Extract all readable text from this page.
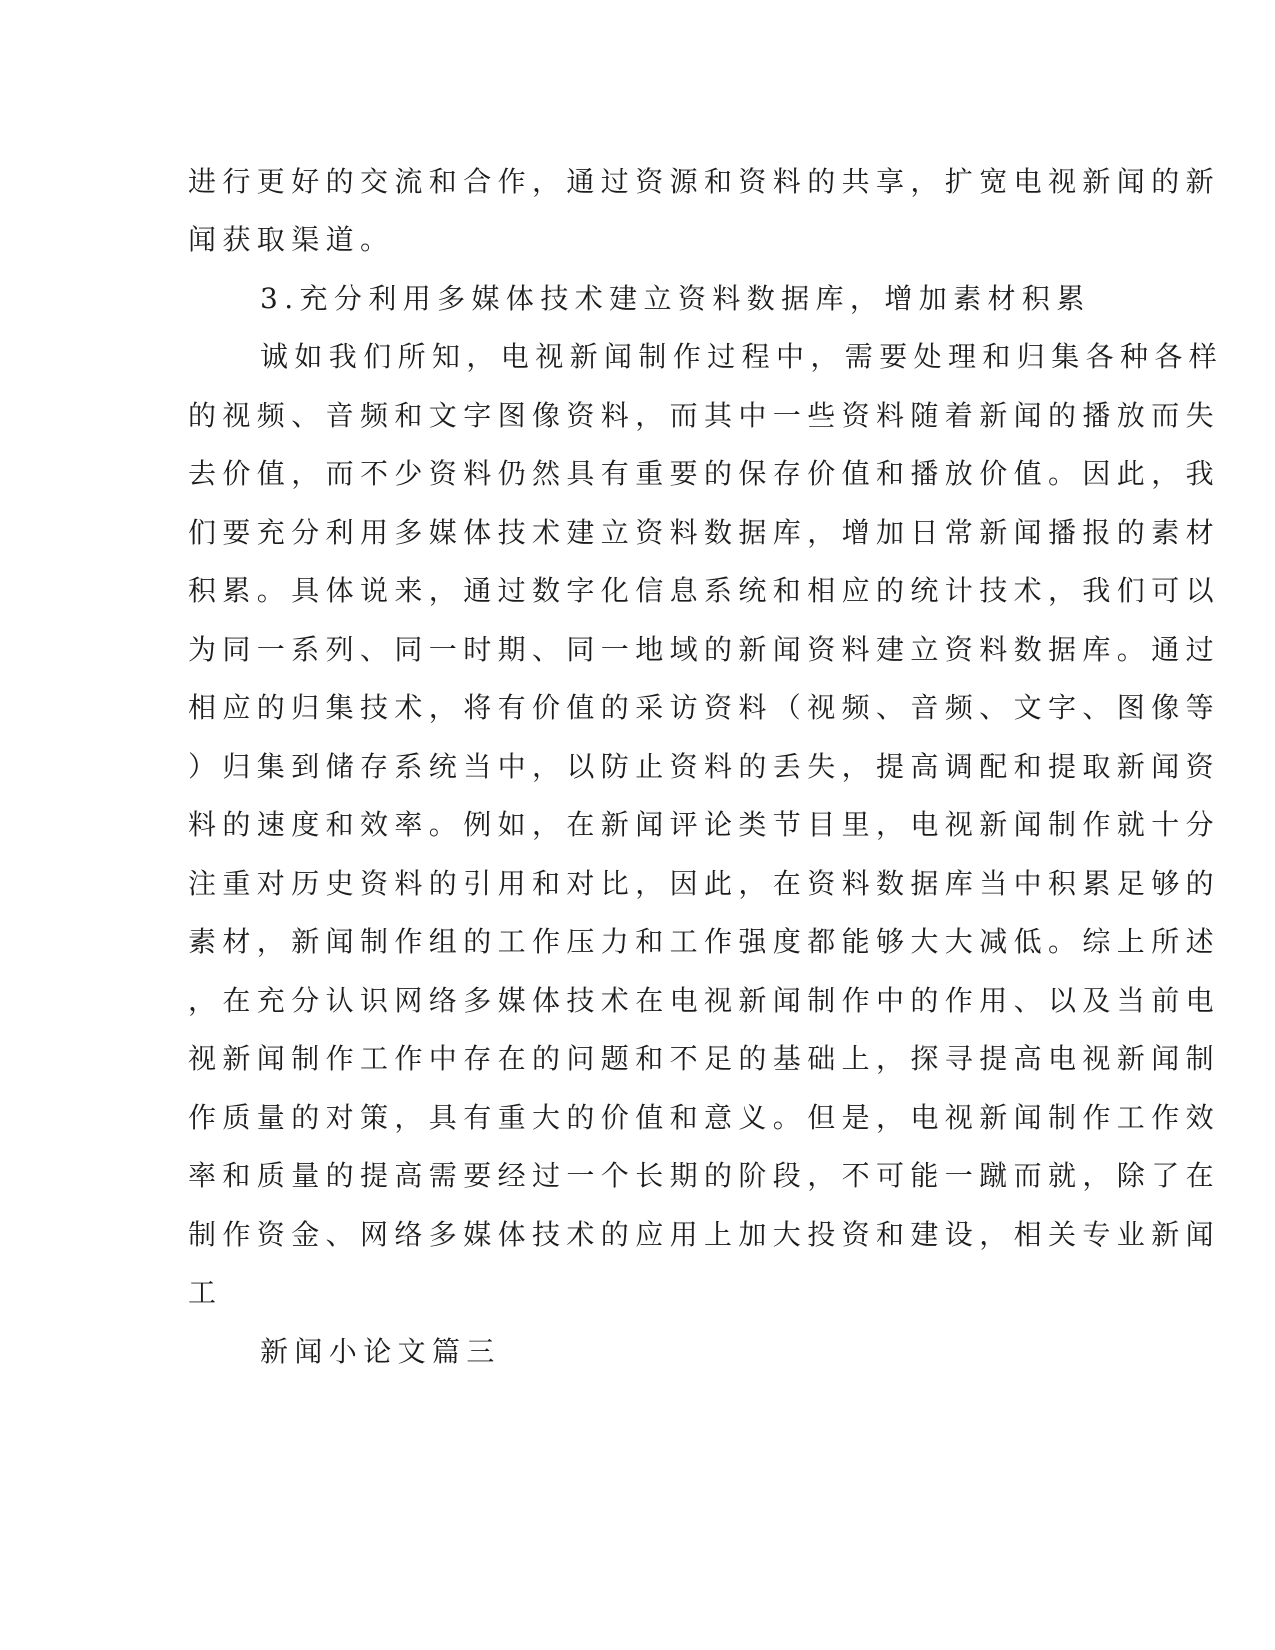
进行更好的交流和合作，通过资源和资料的共享，扩宽电视新闻的新
闻获取渠道。
3.充分利用多媒体技术建立资料数据库，增加素材积累
诚如我们所知，电视新闻制作过程中，需要处理和归集各种各样
的视频、音频和文字图像资料，而其中一些资料随着新闻的播放而失
去价值，而不少资料仍然具有重要的保存价值和播放价值。因此，我
们要充分利用多媒体技术建立资料数据库，增加日常新闻播报的素材
积累。具体说来，通过数字化信息系统和相应的统计技术，我们可以
为同一系列、同一时期、同一地域的新闻资料建立资料数据库。通过
相应的归集技术，将有价值的采访资料（视频、音频、文字、图像等
）归集到储存系统当中，以防止资料的丢失，提高调配和提取新闻资
料的速度和效率。例如，在新闻评论类节目里，电视新闻制作就十分
注重对历史资料的引用和对比，因此，在资料数据库当中积累足够的
素材，新闻制作组的工作压力和工作强度都能够大大减低。综上所述
，在充分认识网络多媒体技术在电视新闻制作中的作用、以及当前电
视新闻制作工作中存在的问题和不足的基础上，探寻提高电视新闻制
作质量的对策，具有重大的价值和意义。但是，电视新闻制作工作效
率和质量的提高需要经过一个长期的阶段，不可能一蹴而就，除了在
制作资金、网络多媒体技术的应用上加大投资和建设，相关专业新闻
工
新闻小论文篇三
